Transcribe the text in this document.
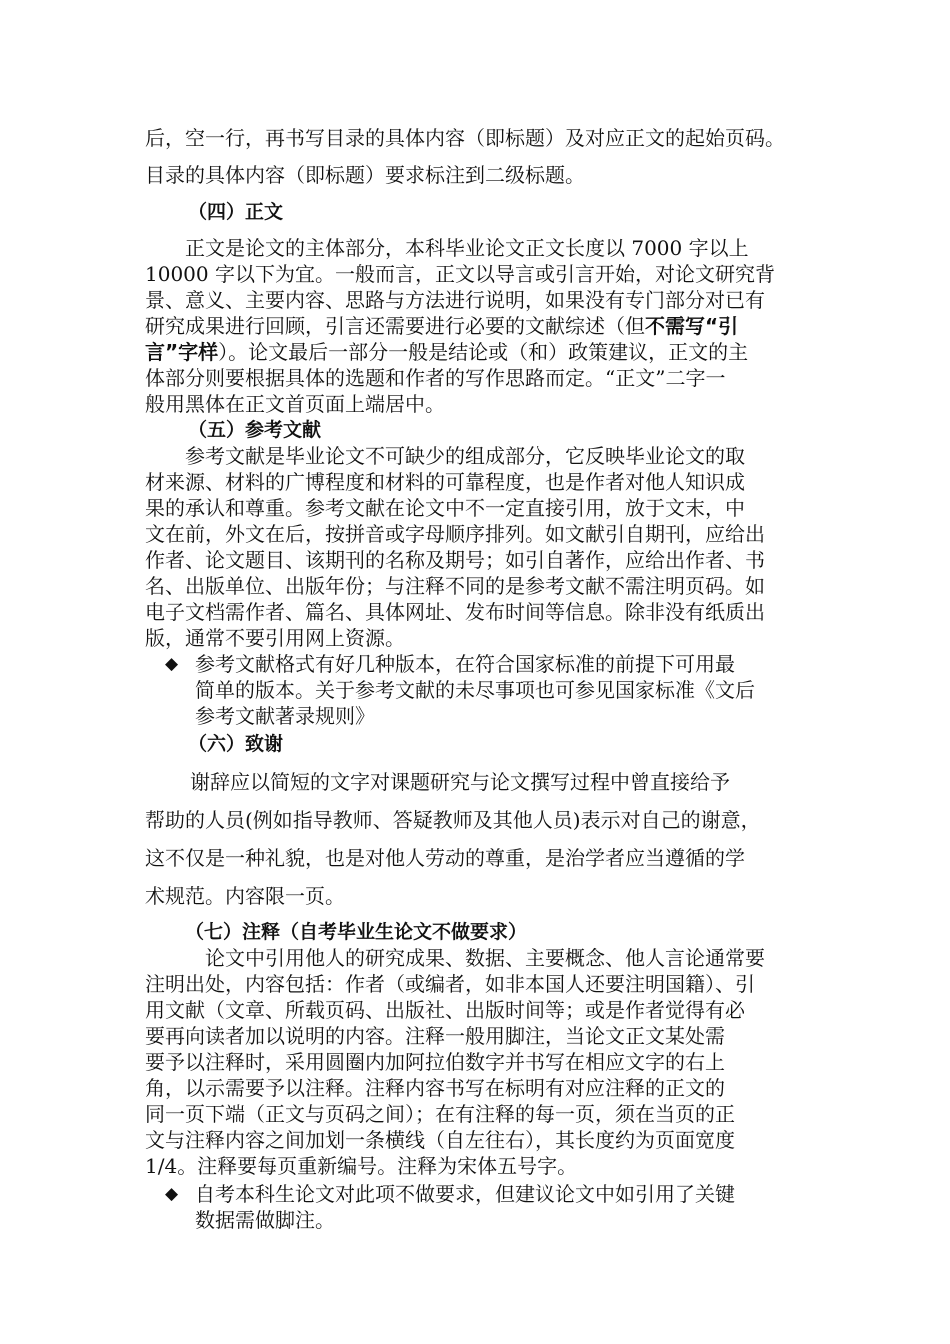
后，空一行，再书写目录的具体内容（即标题）及对应正文的起始页码。
目录的具体内容（即标题）要求标注到二级标题。
（四）正文
正文是论文的主体部分，本科毕业论文正文长度以 7000 字以上
10000 字以下为宜。一般而言，正文以导言或引言开始，对论文研究背
景、意义、主要内容、思路与方法进行说明，如果没有专门部分对已有
研究成果进行回顾，引言还需要进行必要的文献综述（但不需写“引
言”字样）。论文最后一部分一般是结论或（和）政策建议，正文的主
体部分则要根据具体的选题和作者的写作思路而定。“正文”二字一
般用黑体在正文首页面上端居中。
（五）参考文献
参考文献是毕业论文不可缺少的组成部分，它反映毕业论文的取
材来源、材料的广博程度和材料的可靠程度，也是作者对他人知识成
果的承认和尊重。参考文献在论文中不一定直接引用，放于文末，中
文在前，外文在后，按拼音或字母顺序排列。如文献引自期刊，应给出
作者、论文题目、该期刊的名称及期号；如引自著作，应给出作者、书
名、出版单位、出版年份；与注释不同的是参考文献不需注明页码。如
电子文档需作者、篇名、具体网址、发布时间等信息。除非没有纸质出
版，通常不要引用网上资源。
◆ 参考文献格式有好几种版本，在符合国家标准的前提下可用最
简单的版本。关于参考文献的未尽事项也可参见国家标准《文后
参考文献著录规则》
（六）致谢
谢辞应以简短的文字对课题研究与论文撰写过程中曾直接给予
帮助的人员(例如指导教师、答疑教师及其他人员)表示对自己的谢意，
这不仅是一种礼貌，也是对他人劳动的尊重，是治学者应当遵循的学
术规范。内容限一页。
（七）注释（自考毕业生论文不做要求）
论文中引用他人的研究成果、数据、主要概念、他人言论通常要
注明出处，内容包括：作者（或编者，如非本国人还要注明国籍）、引
用文献（文章、所载页码、出版社、出版时间等；或是作者觉得有必
要再向读者加以说明的内容。注释一般用脚注，当论文正文某处需
要予以注释时，采用圆圈内加阿拉伯数字并书写在相应文字的右上
角，以示需要予以注释。注释内容书写在标明有对应注释的正文的
同一页下端（正文与页码之间）；在有注释的每一页，须在当页的正
文与注释内容之间加划一条横线（自左往右），其长度约为页面宽度
1/4。注释要每页重新编号。注释为宋体五号字。
◆ 自考本科生论文对此项不做要求，但建议论文中如引用了关键
数据需做脚注。
